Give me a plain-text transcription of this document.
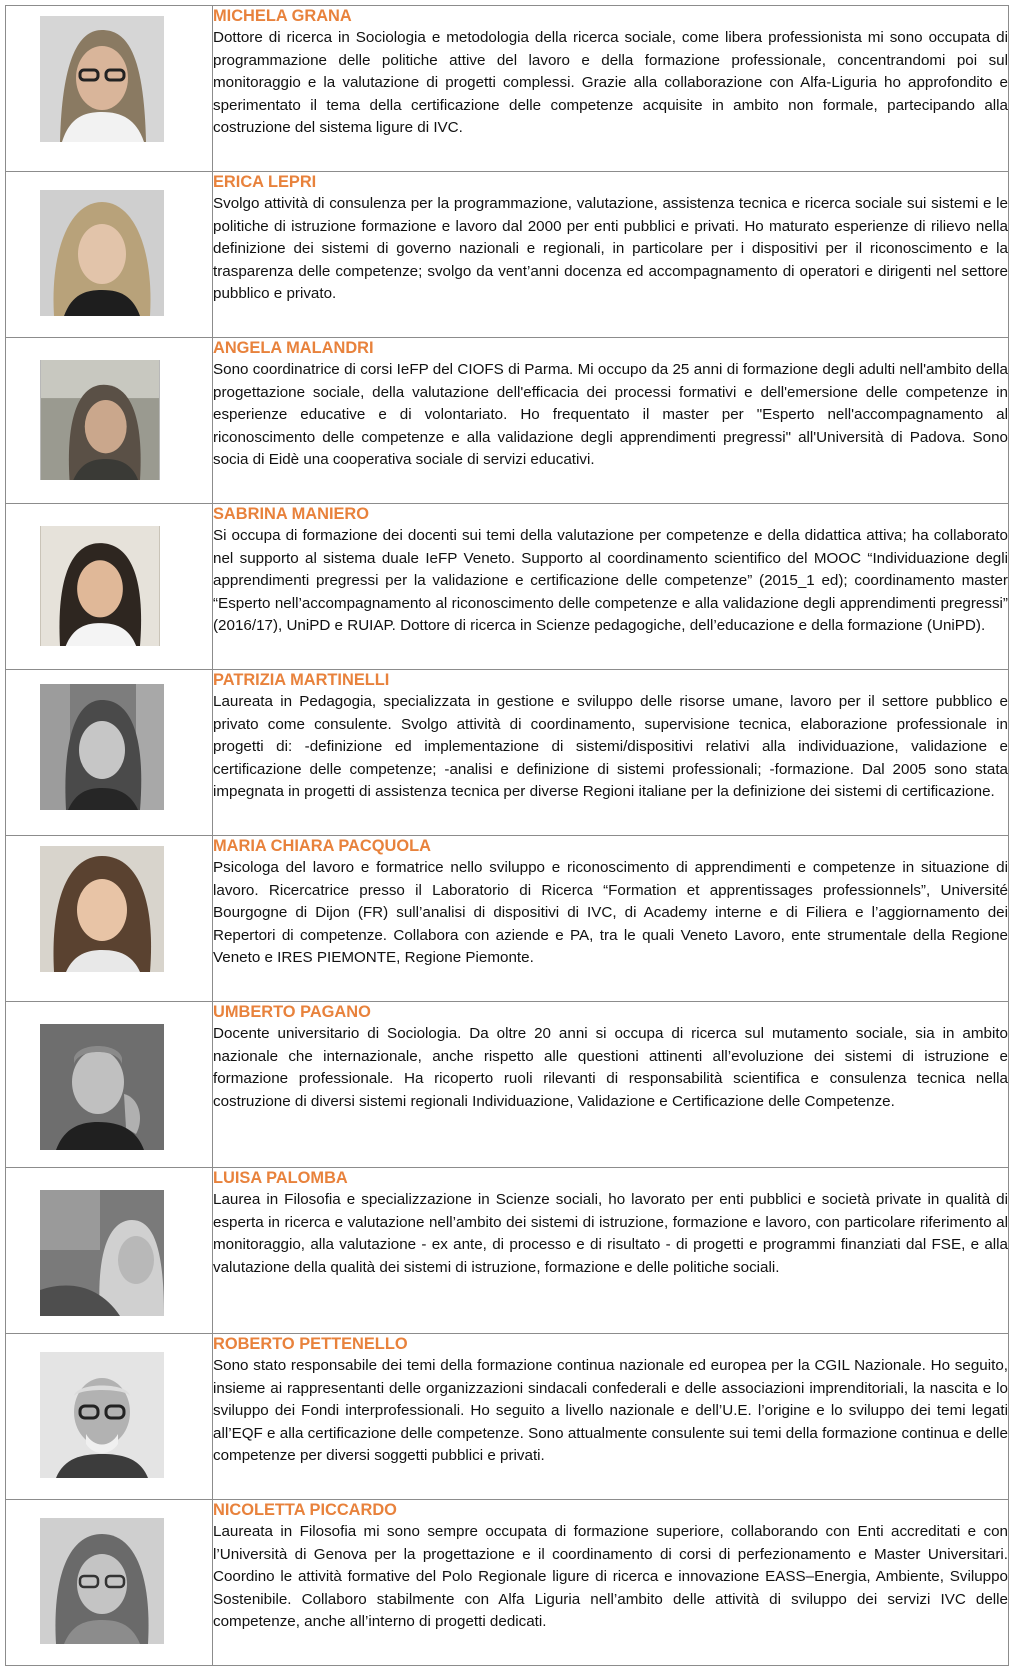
MICHELA GRANA

Dottore di ricerca in Sociologia e metodologia della ricerca sociale, come libera professionista mi sono occupata di programmazione delle politiche attive del lavoro e della formazione professionale, concentrandomi poi sul monitoraggio e la valutazione di progetti complessi. Grazie alla collaborazione con Alfa-Liguria ho approfondito e sperimentato il tema della certificazione delle competenze acquisite in ambito non formale, partecipando alla costruzione del sistema ligure di IVC.

ERICA LEPRI

Svolgo attività di consulenza per la programmazione, valutazione, assistenza tecnica e ricerca sociale sui sistemi e le politiche di istruzione formazione e lavoro dal 2000 per enti pubblici e privati. Ho maturato esperienze di rilievo nella definizione dei sistemi di governo nazionali e regionali, in particolare per i dispositivi per il riconoscimento e la trasparenza delle competenze; svolgo da vent’anni docenza ed accompagnamento di operatori e dirigenti nel settore pubblico e privato.

ANGELA MALANDRI

Sono coordinatrice di corsi IeFP del CIOFS di Parma. Mi occupo da 25 anni di formazione degli adulti nell'ambito della progettazione sociale, della valutazione dell'efficacia dei processi formativi e dell'emersione delle competenze in esperienze educative e di volontariato. Ho frequentato il master per "Esperto nell'accompagnamento al riconoscimento delle competenze e alla validazione degli apprendimenti pregressi" all'Università di Padova. Sono socia di Eidè una cooperativa sociale di servizi educativi.

SABRINA MANIERO

Si occupa di formazione dei docenti sui temi della valutazione per competenze e della didattica attiva; ha collaborato nel supporto al sistema duale IeFP Veneto. Supporto al coordinamento scientifico del MOOC “Individuazione degli apprendimenti pregressi per la validazione e certificazione delle competenze” (2015_1 ed); coordinamento master “Esperto nell’accompagnamento al riconoscimento delle competenze e alla validazione degli apprendimenti pregressi” (2016/17), UniPD e RUIAP. Dottore di ricerca in Scienze pedagogiche, dell’educazione e della formazione (UniPD).

PATRIZIA MARTINELLI

Laureata in Pedagogia, specializzata in gestione e sviluppo delle risorse umane, lavoro per il settore pubblico e privato come consulente. Svolgo attività di coordinamento, supervisione tecnica, elaborazione professionale in progetti di: -definizione ed implementazione di sistemi/dispositivi relativi alla individuazione, validazione e certificazione delle competenze; -analisi e definizione di sistemi professionali; -formazione. Dal 2005 sono stata impegnata in progetti di assistenza tecnica per diverse Regioni italiane per la definizione dei sistemi di certificazione.

MARIA CHIARA PACQUOLA

Psicologa del lavoro e formatrice nello sviluppo e riconoscimento di apprendimenti e competenze in situazione di lavoro. Ricercatrice presso il Laboratorio di Ricerca “Formation et apprentissages professionnels”, Université Bourgogne di Dijon (FR) sull’analisi di dispositivi di IVC, di Academy interne e di Filiera e l’aggiornamento dei Repertori di competenze. Collabora con aziende e PA, tra le quali Veneto Lavoro, ente strumentale della Regione Veneto e IRES PIEMONTE, Regione Piemonte.

UMBERTO PAGANO

Docente universitario di Sociologia. Da oltre 20 anni si occupa di ricerca sul mutamento sociale, sia in ambito nazionale che internazionale, anche rispetto alle questioni attinenti all’evoluzione dei sistemi di istruzione e formazione professionale. Ha ricoperto ruoli rilevanti di responsabilità scientifica e consulenza tecnica nella costruzione di diversi sistemi regionali Individuazione, Validazione e Certificazione delle Competenze.

LUISA PALOMBA

Laurea in Filosofia e specializzazione in Scienze sociali, ho lavorato per enti pubblici e società private in qualità di esperta in ricerca e valutazione nell’ambito dei sistemi di istruzione, formazione e lavoro, con particolare riferimento al monitoraggio, alla valutazione - ex ante, di processo e di risultato - di progetti e programmi finanziati dal FSE, e alla valutazione della qualità dei sistemi di istruzione, formazione e delle politiche sociali.

ROBERTO PETTENELLO

Sono stato responsabile dei temi della formazione continua nazionale ed europea per la CGIL Nazionale. Ho seguito, insieme ai rappresentanti delle organizzazioni sindacali confederali e delle associazioni imprenditoriali, la nascita e lo sviluppo dei Fondi interprofessionali. Ho seguito a livello nazionale e dell’U.E. l’origine e lo sviluppo dei temi legati all’EQF e alla certificazione delle competenze. Sono attualmente consulente sui temi della formazione continua e delle competenze per diversi soggetti pubblici e privati.

NICOLETTA PICCARDO

Laureata in Filosofia mi sono sempre occupata di formazione superiore, collaborando con Enti accreditati e con l’Università di Genova per la progettazione e il coordinamento di corsi di perfezionamento e Master Universitari. Coordino le attività formative del Polo Regionale ligure di ricerca e innovazione EASS–Energia, Ambiente, Sviluppo Sostenibile. Collaboro stabilmente con Alfa Liguria nell’ambito delle attività di sviluppo dei servizi IVC delle competenze, anche all’interno di progetti dedicati.
